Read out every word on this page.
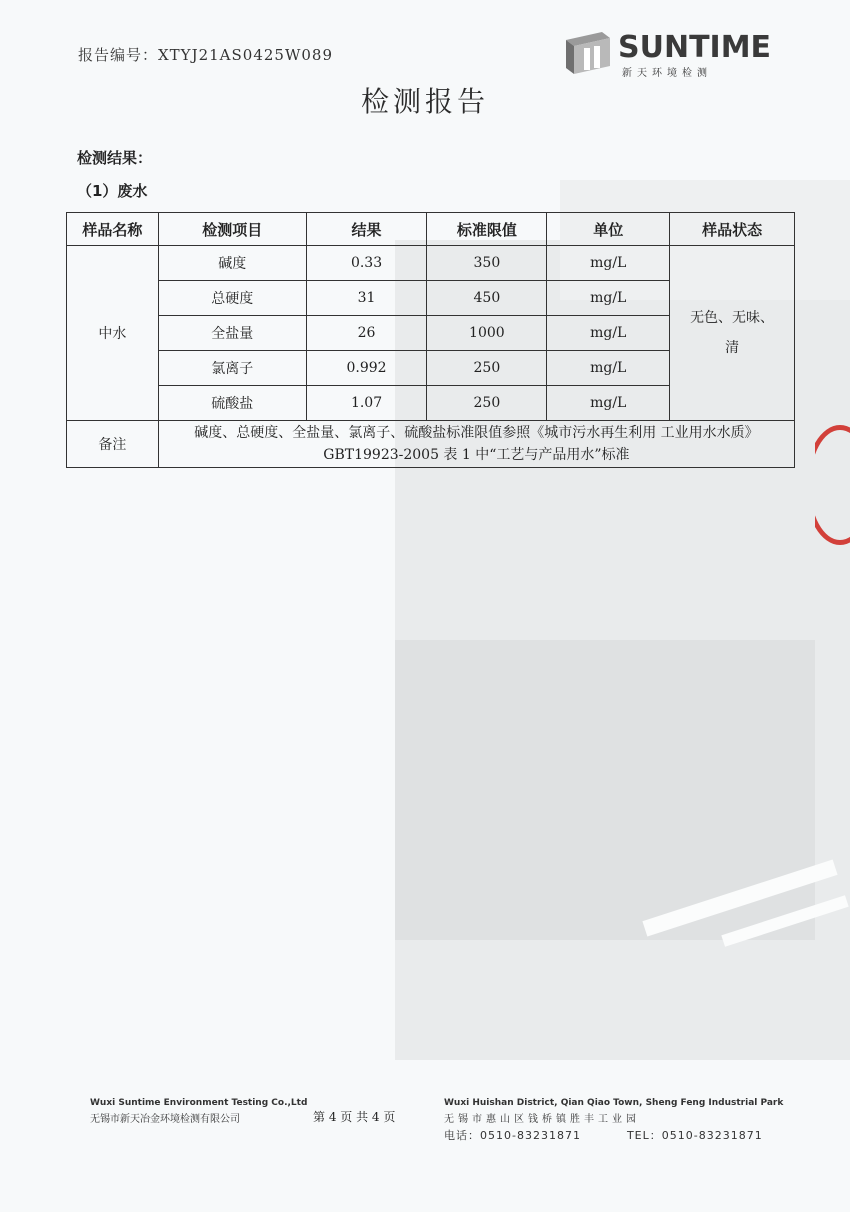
报告编号：XTYJ21AS0425W089	SUNTIME
新天环境检测
检测报告
检测结果：
（1）废水
样品名称	检测项目	结果	标准限值	单位	样品状态
中水	碱度	0.33	350	mg/L	无色、无味、
清

	总硬度	31	450	mg/L	
	全盐量	26	1000	mg/L	
	氯离子	0.992	250	mg/L	
	硫酸盐	1.07	250	mg/L	
备注	碱度、总硬度、全盐量、氯离子、硫酸盐标准限值参照《城市污水再生利用 工业用水水质》GBT19923-2005 表 1 中“工艺与产品用水”标准				
Wuxi Suntime Environment Testing Co.,Ltd
无锡市新天冶金环境检测有限公司	第 4 页 共 4 页
Wuxi Huishan District, Qian Qiao Town, Sheng Feng Industrial Park
无锡市惠山区钱桥镇胜丰工业园
电话：0510-83231871	TEL：0510-83231871
